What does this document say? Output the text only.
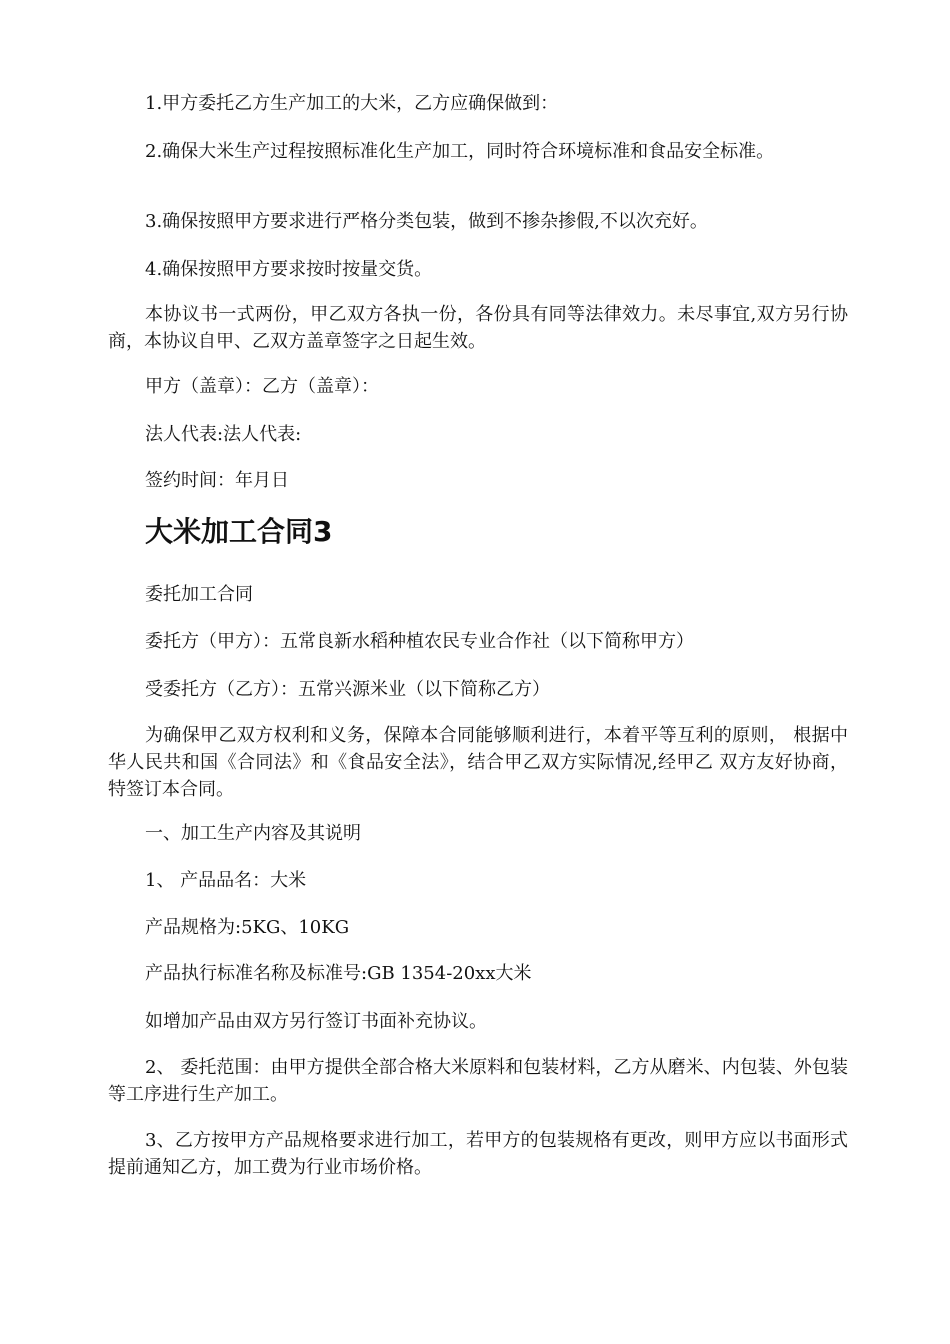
1.甲方委托乙方生产加工的大米，乙方应确保做到：

2.确保大米生产过程按照标准化生产加工，同时符合环境标准和食品安全标准。

3.确保按照甲方要求进行严格分类包装，做到不掺杂掺假,不以次充好。

4.确保按照甲方要求按时按量交货。

本协议书一式两份，甲乙双方各执一份，各份具有同等法律效力。未尽事宜,双方另行协商，本协议自甲、乙双方盖章签字之日起生效。

甲方（盖章）：乙方（盖章）：

法人代表:法人代表:

签约时间：年月日

大米加工合同3

委托加工合同

委托方（甲方）：五常良新水稻种植农民专业合作社（以下简称甲方）

受委托方（乙方）：五常兴源米业（以下简称乙方）

为确保甲乙双方权利和义务，保障本合同能够顺利进行，本着平等互利的原则， 根据中华人民共和国《合同法》和《食品安全法》，结合甲乙双方实际情况,经甲乙 双方友好协商，特签订本合同。

一、加工生产内容及其说明

1、 产品品名：大米

产品规格为:5KG、10KG

产品执行标准名称及标准号:GB 1354-20xx大米

如增加产品由双方另行签订书面补充协议。

2、 委托范围：由甲方提供全部合格大米原料和包装材料，乙方从磨米、内包装、外包装等工序进行生产加工。

3、乙方按甲方产品规格要求进行加工，若甲方的包装规格有更改，则甲方应以书面形式提前通知乙方，加工费为行业市场价格。
